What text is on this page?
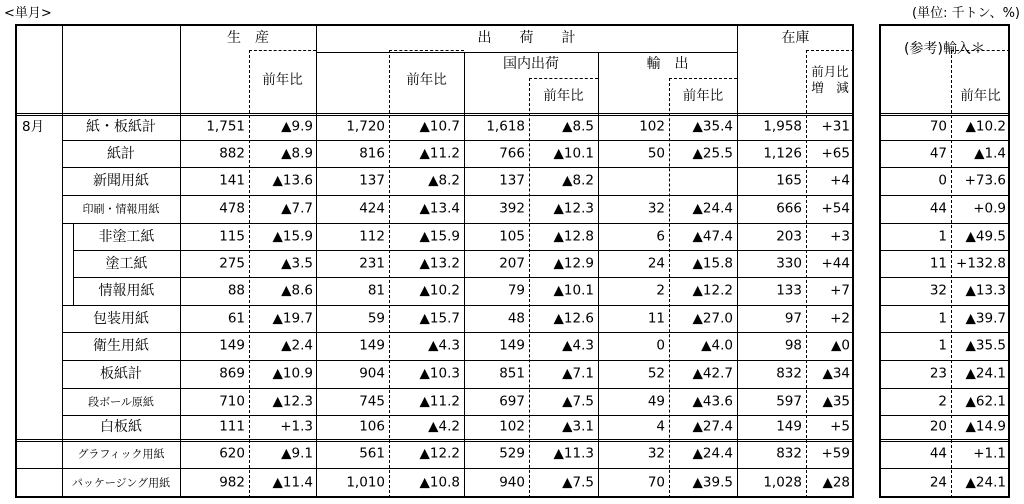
<単月>	(単位: 千トン、%)
生　産	出　　荷　　計
国内出荷	輸　出
在庫
前月比
増　減
(参考)輸入＊
前年比	前年比
前年比	前年比	前年比
8月	紙・板紙計	1,751	▲9.9 1,720	▲10.7 1,618	▲8.5	102 ▲35.4 1,958 +31	70 ▲10.2
紙計	882	▲8.9	816	▲11.2	766 ▲10.1	50 ▲25.5 1,126 +65	47 ▲1.4
新聞用紙	141 ▲13.6	137	▲8.2	137	▲8.2	165 +4	0 +73.6
印刷・情報用紙	478	▲7.7	424	▲13.4	392 ▲12.3	32 ▲24.4	666 +54	44 +0.9
非塗工紙	115 ▲15.9	112	▲15.9	105 ▲12.8	6 ▲47.4	203 +3	1 ▲49.5
塗工紙	275	▲3.5	231	▲13.2	207 ▲12.9	24 ▲15.8	330 +44	11 +132.8
情報用紙	88	▲8.6	81	▲10.2	79 ▲10.1	2 ▲12.2	133 +7	32 ▲13.3
包装用紙	61 ▲19.7	59	▲15.7	48 ▲12.6	11 ▲27.0	97 +2	1 ▲39.7
衛生用紙	149	▲2.4	149	▲4.3	149	▲4.3	0	▲4.0	98 ▲0	1 ▲35.5
板紙計	869 ▲10.9	904	▲10.3	851	▲7.1	52 ▲42.7	832 ▲34	23 ▲24.1
段ボール原紙	710 ▲12.3	745	▲11.2	697	▲7.5	49 ▲43.6	597 ▲35	2 ▲62.1
白板紙	111	+1.3	106	▲4.2	102	▲3.1	4 ▲27.4	149 +5	20 ▲14.9
グラフィック用紙	620	▲9.1	561	▲12.2	529 ▲11.3	32 ▲24.4	832 +59	44 +1.1
パッケージング用紙	982 ▲11.4 1,010	▲10.8	940	▲7.5	70 ▲39.5 1,028 ▲28	24 ▲24.1
